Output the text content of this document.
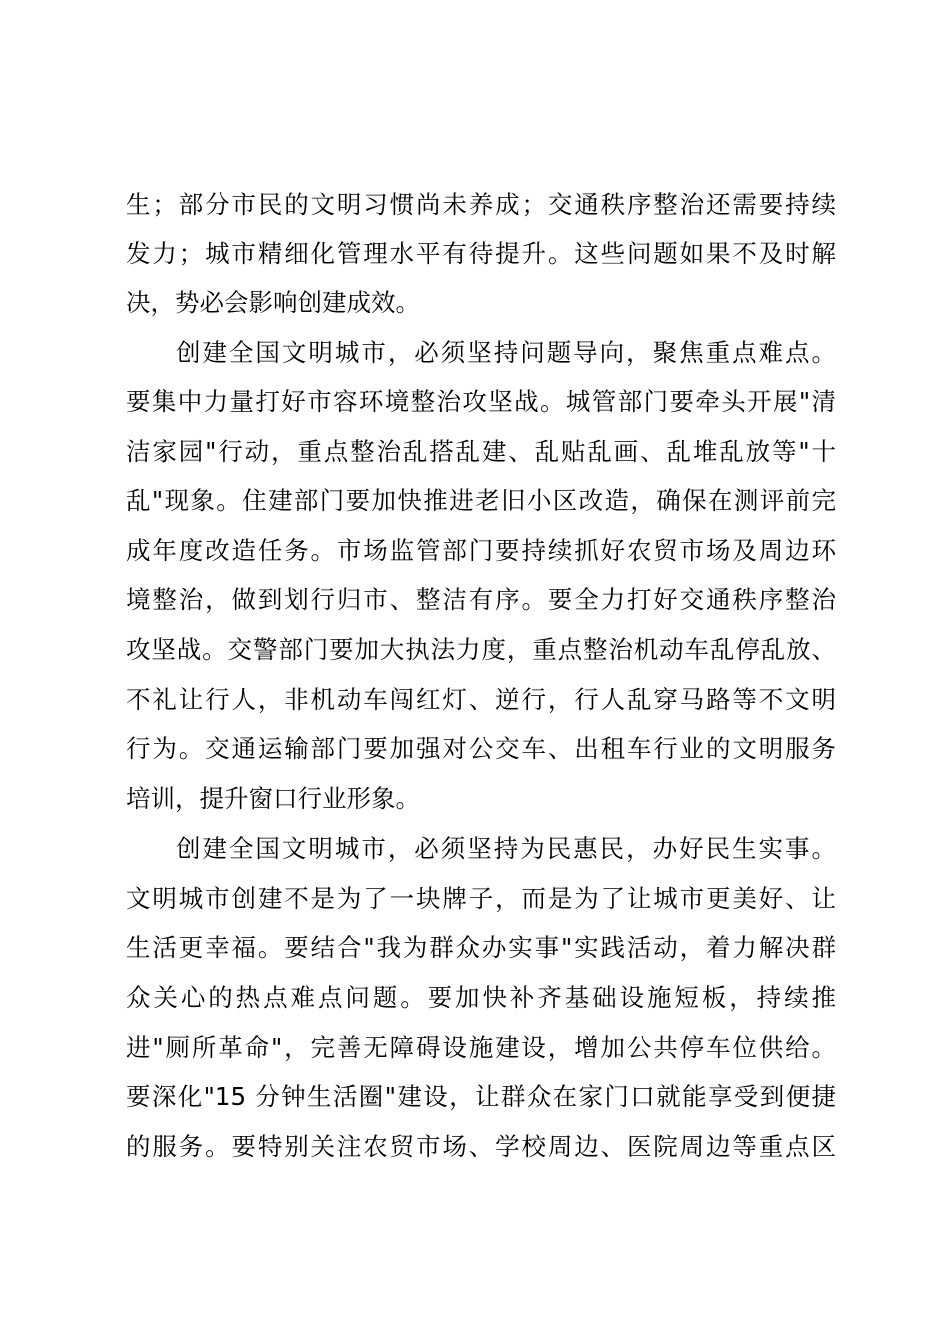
生；部分市民的文明习惯尚未养成；交通秩序整治还需要持续

发力；城市精细化管理水平有待提升。这些问题如果不及时解

决，势必会影响创建成效。

创建全国文明城市，必须坚持问题导向，聚焦重点难点。

要集中力量打好市容环境整治攻坚战。城管部门要牵头开展"清

洁家园"行动，重点整治乱搭乱建、乱贴乱画、乱堆乱放等"十

乱"现象。住建部门要加快推进老旧小区改造，确保在测评前完

成年度改造任务。市场监管部门要持续抓好农贸市场及周边环

境整治，做到划行归市、整洁有序。要全力打好交通秩序整治

攻坚战。交警部门要加大执法力度，重点整治机动车乱停乱放、

不礼让行人，非机动车闯红灯、逆行，行人乱穿马路等不文明

行为。交通运输部门要加强对公交车、出租车行业的文明服务

培训，提升窗口行业形象。

创建全国文明城市，必须坚持为民惠民，办好民生实事。

文明城市创建不是为了一块牌子，而是为了让城市更美好、让

生活更幸福。要结合"我为群众办实事"实践活动，着力解决群

众关心的热点难点问题。要加快补齐基础设施短板，持续推

进"厕所革命"，完善无障碍设施建设，增加公共停车位供给。

要深化"15 分钟生活圈"建设，让群众在家门口就能享受到便捷

的服务。要特别关注农贸市场、学校周边、医院周边等重点区
